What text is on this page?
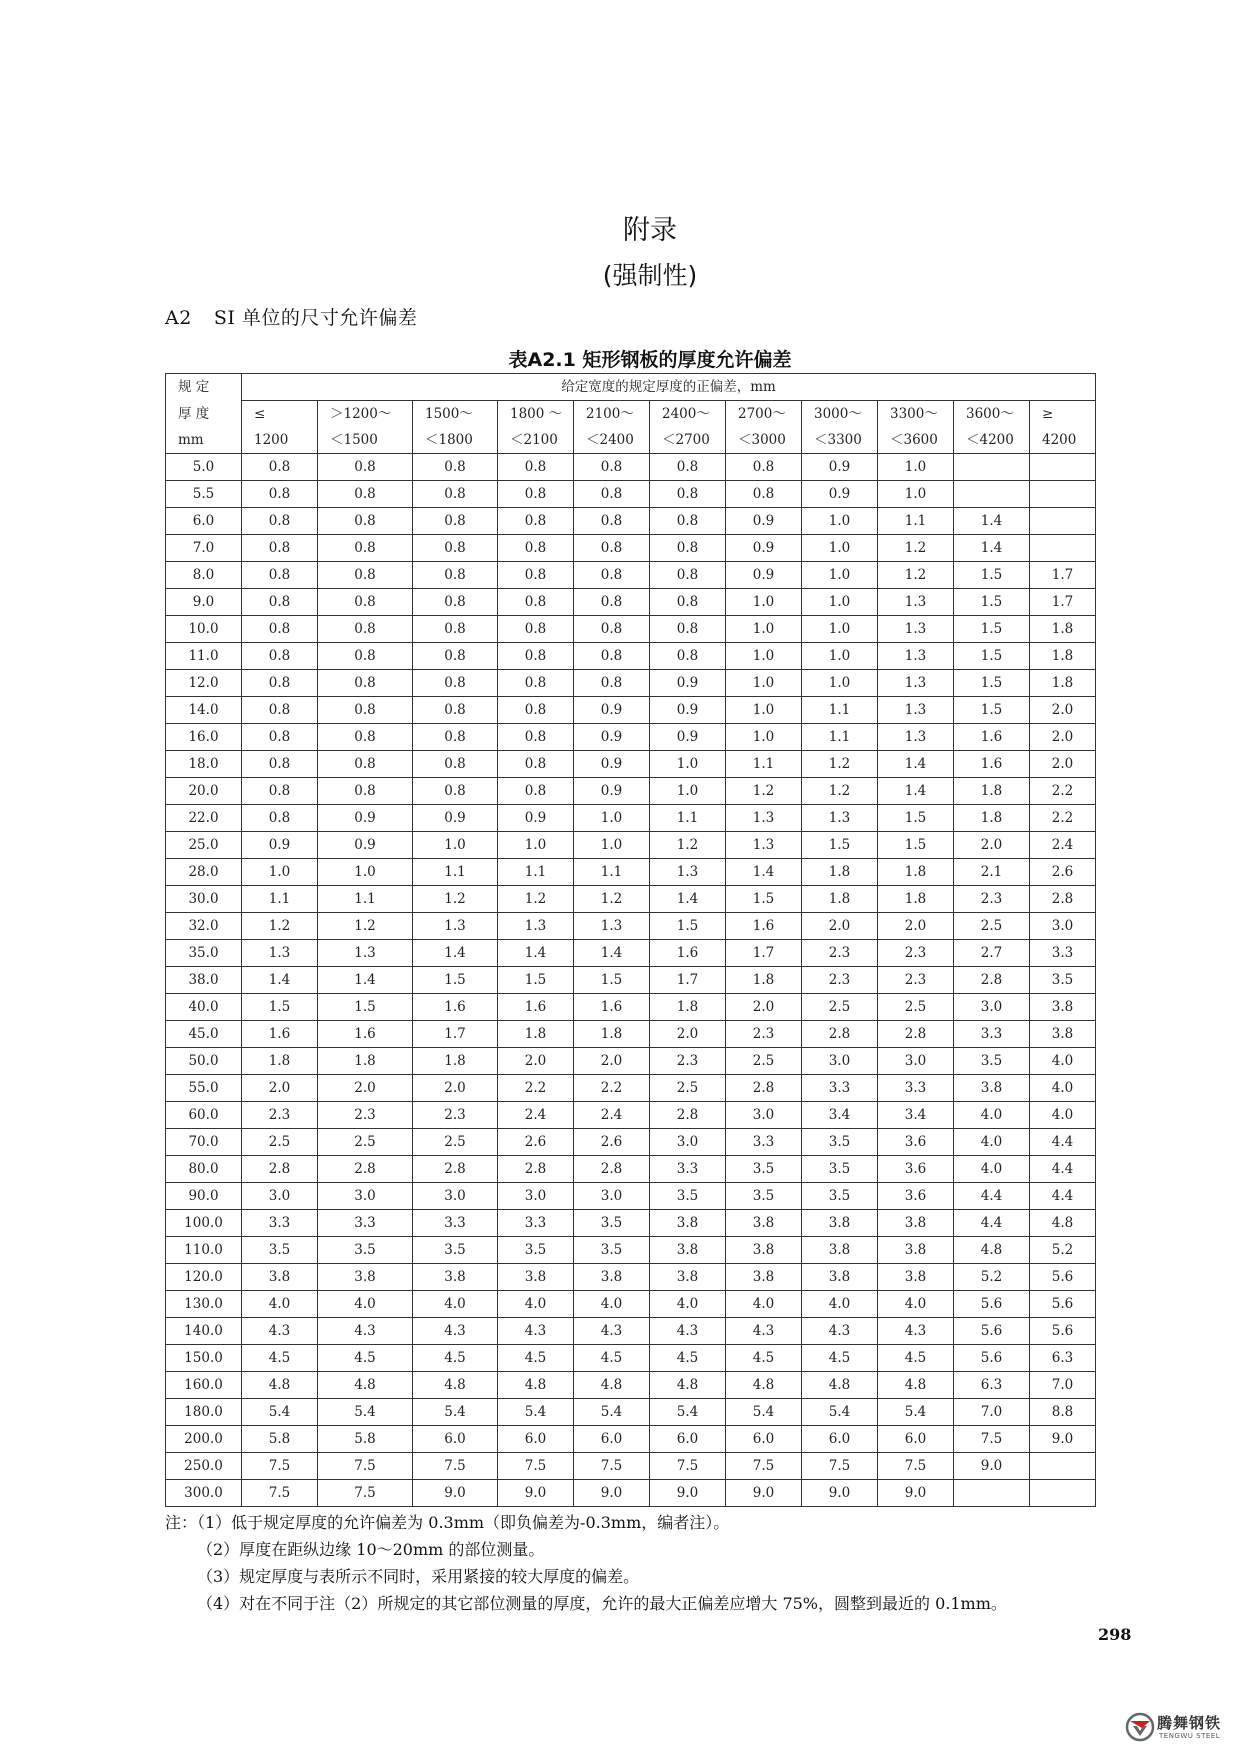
附录
(强制性)
A2 SI 单位的尺寸允许偏差
表A2.1 矩形钢板的厚度允许偏差
规 定	给定宽度的规定厚度的正偏差，mm										
厚 度	≤	＞1200～	1500～	1800 ～	2100～	2400～	2700～	3000～	3300～	3600～	≥
mm	1200	＜1500	＜1800	＜2100	＜2400	＜2700	＜3000	＜3300	＜3600	＜4200	4200
5.0	0.8	0.8	0.8	0.8	0.8	0.8	0.8	0.9	1.0		
5.5	0.8	0.8	0.8	0.8	0.8	0.8	0.8	0.9	1.0		
6.0	0.8	0.8	0.8	0.8	0.8	0.8	0.9	1.0	1.1	1.4	
7.0	0.8	0.8	0.8	0.8	0.8	0.8	0.9	1.0	1.2	1.4	
8.0	0.8	0.8	0.8	0.8	0.8	0.8	0.9	1.0	1.2	1.5	1.7
9.0	0.8	0.8	0.8	0.8	0.8	0.8	1.0	1.0	1.3	1.5	1.7
10.0	0.8	0.8	0.8	0.8	0.8	0.8	1.0	1.0	1.3	1.5	1.8
11.0	0.8	0.8	0.8	0.8	0.8	0.8	1.0	1.0	1.3	1.5	1.8
12.0	0.8	0.8	0.8	0.8	0.8	0.9	1.0	1.0	1.3	1.5	1.8
14.0	0.8	0.8	0.8	0.8	0.9	0.9	1.0	1.1	1.3	1.5	2.0
16.0	0.8	0.8	0.8	0.8	0.9	0.9	1.0	1.1	1.3	1.6	2.0
18.0	0.8	0.8	0.8	0.8	0.9	1.0	1.1	1.2	1.4	1.6	2.0
20.0	0.8	0.8	0.8	0.8	0.9	1.0	1.2	1.2	1.4	1.8	2.2
22.0	0.8	0.9	0.9	0.9	1.0	1.1	1.3	1.3	1.5	1.8	2.2
25.0	0.9	0.9	1.0	1.0	1.0	1.2	1.3	1.5	1.5	2.0	2.4
28.0	1.0	1.0	1.1	1.1	1.1	1.3	1.4	1.8	1.8	2.1	2.6
30.0	1.1	1.1	1.2	1.2	1.2	1.4	1.5	1.8	1.8	2.3	2.8
32.0	1.2	1.2	1.3	1.3	1.3	1.5	1.6	2.0	2.0	2.5	3.0
35.0	1.3	1.3	1.4	1.4	1.4	1.6	1.7	2.3	2.3	2.7	3.3
38.0	1.4	1.4	1.5	1.5	1.5	1.7	1.8	2.3	2.3	2.8	3.5
40.0	1.5	1.5	1.6	1.6	1.6	1.8	2.0	2.5	2.5	3.0	3.8
45.0	1.6	1.6	1.7	1.8	1.8	2.0	2.3	2.8	2.8	3.3	3.8
50.0	1.8	1.8	1.8	2.0	2.0	2.3	2.5	3.0	3.0	3.5	4.0
55.0	2.0	2.0	2.0	2.2	2.2	2.5	2.8	3.3	3.3	3.8	4.0
60.0	2.3	2.3	2.3	2.4	2.4	2.8	3.0	3.4	3.4	4.0	4.0
70.0	2.5	2.5	2.5	2.6	2.6	3.0	3.3	3.5	3.6	4.0	4.4
80.0	2.8	2.8	2.8	2.8	2.8	3.3	3.5	3.5	3.6	4.0	4.4
90.0	3.0	3.0	3.0	3.0	3.0	3.5	3.5	3.5	3.6	4.4	4.4
100.0	3.3	3.3	3.3	3.3	3.5	3.8	3.8	3.8	3.8	4.4	4.8
110.0	3.5	3.5	3.5	3.5	3.5	3.8	3.8	3.8	3.8	4.8	5.2
120.0	3.8	3.8	3.8	3.8	3.8	3.8	3.8	3.8	3.8	5.2	5.6
130.0	4.0	4.0	4.0	4.0	4.0	4.0	4.0	4.0	4.0	5.6	5.6
140.0	4.3	4.3	4.3	4.3	4.3	4.3	4.3	4.3	4.3	5.6	5.6
150.0	4.5	4.5	4.5	4.5	4.5	4.5	4.5	4.5	4.5	5.6	6.3
160.0	4.8	4.8	4.8	4.8	4.8	4.8	4.8	4.8	4.8	6.3	7.0
180.0	5.4	5.4	5.4	5.4	5.4	5.4	5.4	5.4	5.4	7.0	8.8
200.0	5.8	5.8	6.0	6.0	6.0	6.0	6.0	6.0	6.0	7.5	9.0
250.0	7.5	7.5	7.5	7.5	7.5	7.5	7.5	7.5	7.5	9.0	
300.0	7.5	7.5	9.0	9.0	9.0	9.0	9.0	9.0	9.0		
注：（1）低于规定厚度的允许偏差为 0.3mm（即负偏差为-0.3mm，编者注）。
（2）厚度在距纵边缘 10～20mm 的部位测量。
（3）规定厚度与表所示不同时，采用紧接的较大厚度的偏差。
（4）对在不同于注（2）所规定的其它部位测量的厚度，允许的最大正偏差应增大 75%，圆整到最近的 0.1mm。
298
腾舞钢铁
TENGWU STEEL
